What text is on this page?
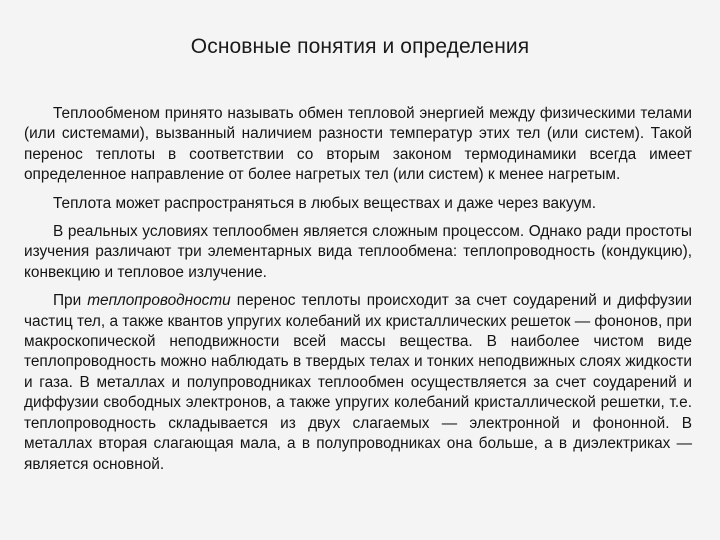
Основные понятия и определения

Теплообменом принято называть обмен тепловой энергией между физическими телами (или системами), вызванный наличием разности температур этих тел (или систем). Такой перенос теплоты в соответствии со вторым законом термодинамики всегда имеет определенное направление от более нагретых тел (или систем) к менее нагретым.

Теплота может распространяться в любых веществах и даже через вакуум.

В реальных условиях теплообмен является сложным процессом. Однако ради простоты изучения различают три элементарных вида теплообмена: теплопроводность (кондукцию), конвекцию и тепловое излучение.

При теплопроводности перенос теплоты происходит за счет соударений и диффузии частиц тел, а также квантов упругих колебаний их кристаллических решеток — фононов, при макроскопической неподвижности всей массы вещества. В наиболее чистом виде теплопроводность можно наблюдать в твердых телах и тонких неподвижных слоях жидкости и газа. В металлах и полупроводниках теплообмен осуществляется за счет соударений и диффузии свободных электронов, а также упругих колебаний кристаллической решетки, т.е. теплопроводность складывается из двух слагаемых — электронной и фононной. В металлах вторая слагающая мала, а в полупроводниках она больше, а в диэлектриках — является основной.
